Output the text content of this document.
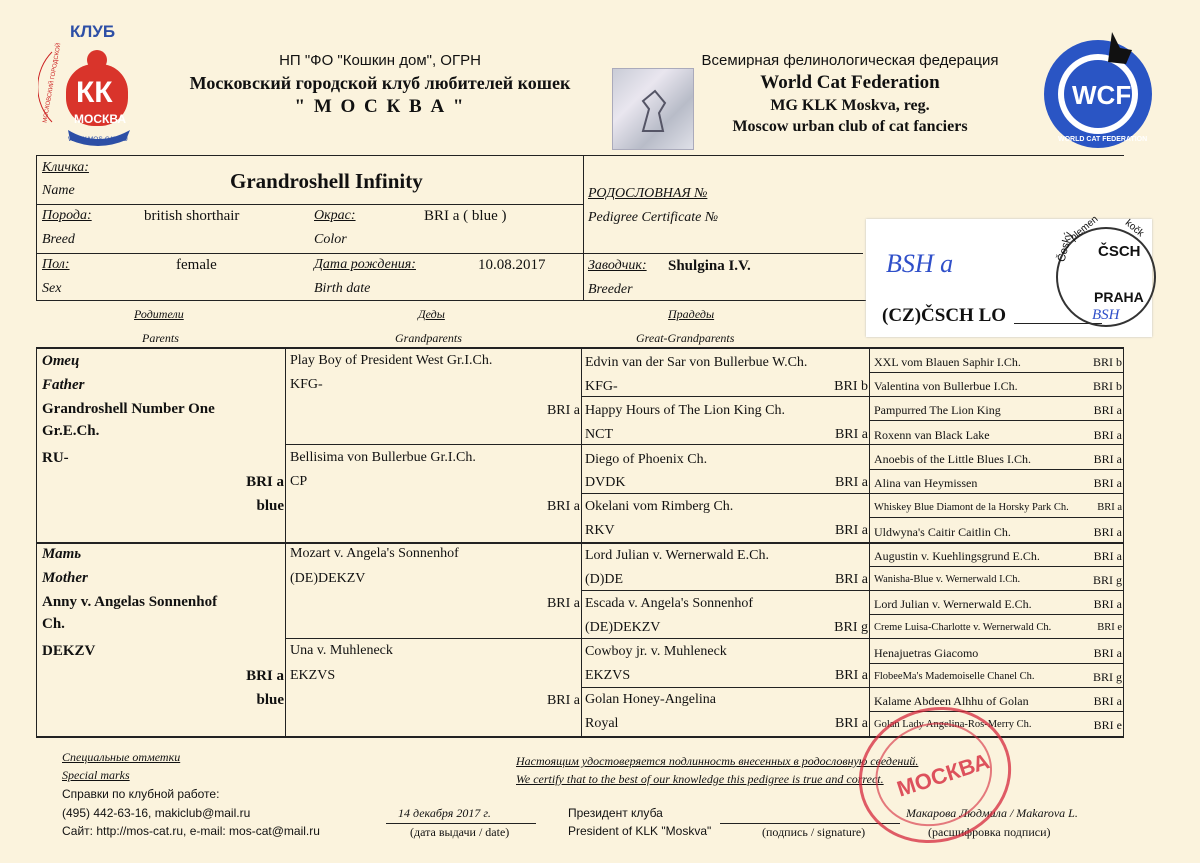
КЛУБ
КК
МОСКВА
МОСКОВСКИЙ ГОРОДСКОЙ
WWW.MOS-CAT.RU
НП "ФО "Кошкин дом", ОГРН
Московский городской клуб любителей кошек
" М О С К В А "
Всемирная фелинологическая федерация
World Cat Federation
MG KLK Moskva, reg.
Moscow urban club of cat fanciers
WCF
WORLD CAT FEDERATION
Кличка:
Name	Grandroshell Infinity
Порода:
Breed
british shorthair	Окрас:
Color
BRI a ( blue )
Пол:
Sex
female	Дата рождения:
Birth date
10.08.2017
РОДОСЛОВНАЯ №
Pedigree Certificate №
Заводчик:
Breeder
Shulgina I.V.	BSH a
(CZ)ČSCH LO
ČSCH
PRAHA
Český
plemen kočk
BSH
Родители
Parents
Деды
Grandparents
Прадеды
Great-Grandparents
Отец
Father
Grandroshell Number One
Gr.E.Ch.
RU-
BRI a
blue
Play Boy of President West Gr.I.Ch.
KFG-
BRI a
Bellisima von Bullerbue Gr.I.Ch.
CP
BRI a
Edvin van der Sar von Bullerbue W.Ch.
KFG-	BRI b
Happy Hours of The Lion King Ch.
NCT	BRI a
Diego of Phoenix Ch.
DVDK	BRI a
Okelani vom Rimberg Ch.
RKV	BRI a
XXL vom Blauen Saphir I.Ch.	BRI b
Valentina von Bullerbue I.Ch.	BRI b
Pampurred The Lion King	BRI a
Roxenn van Black Lake	BRI a
Anoebis of the Little Blues I.Ch.	BRI a
Alina van Heymissen	BRI a
Whiskey Blue Diamont de la Horsky Park Ch.	BRI a
Uldwyna's Caitir Caitlin Ch.	BRI a
Мать
Mother
Anny v. Angelas Sonnenhof
Ch.
DEKZV
BRI a
blue
Mozart v. Angela's Sonnenhof
(DE)DEKZV
BRI a
Una v. Muhleneck
EKZVS
BRI a
Lord Julian v. Wernerwald E.Ch.
(D)DE	BRI a
Escada v. Angela's Sonnenhof
(DE)DEKZV	BRI g
Cowboy jr. v. Muhleneck
EKZVS	BRI a
Golan Honey-Angelina
Royal	BRI a
Augustin v. Kuehlingsgrund E.Ch.	BRI a
Wanisha-Blue v. Wernerwald I.Ch.	BRI g
Lord Julian v. Wernerwald E.Ch.	BRI a
Creme Luisa-Charlotte v. Wernerwald Ch.	BRI e
Henajuetras Giacomo	BRI a
FlobeeMa's Mademoiselle Chanel Ch.	BRI g
Kalame Abdeen Alhhu of Golan	BRI a
Golan Lady Angelina-Ros-Merry Ch.	BRI e
Специальные отметки
Special marks
Справки по клубной работе:
(495) 442-63-16, makiclub@mail.ru
Сайт: http://mos-cat.ru, e-mail: mos-cat@mail.ru
14 декабря 2017 г.
(дата выдачи / date)
Настоящим удостоверяется подлинность внесенных в родословную сведений.
We certify that to the best of our knowledge this pedigree is true and correct.
Президент клуба
President of KLK "Moskva"	(подпись / signature)
Макарова Людмила / Makarova L.
(расшифровка подписи)
МОСКВА
